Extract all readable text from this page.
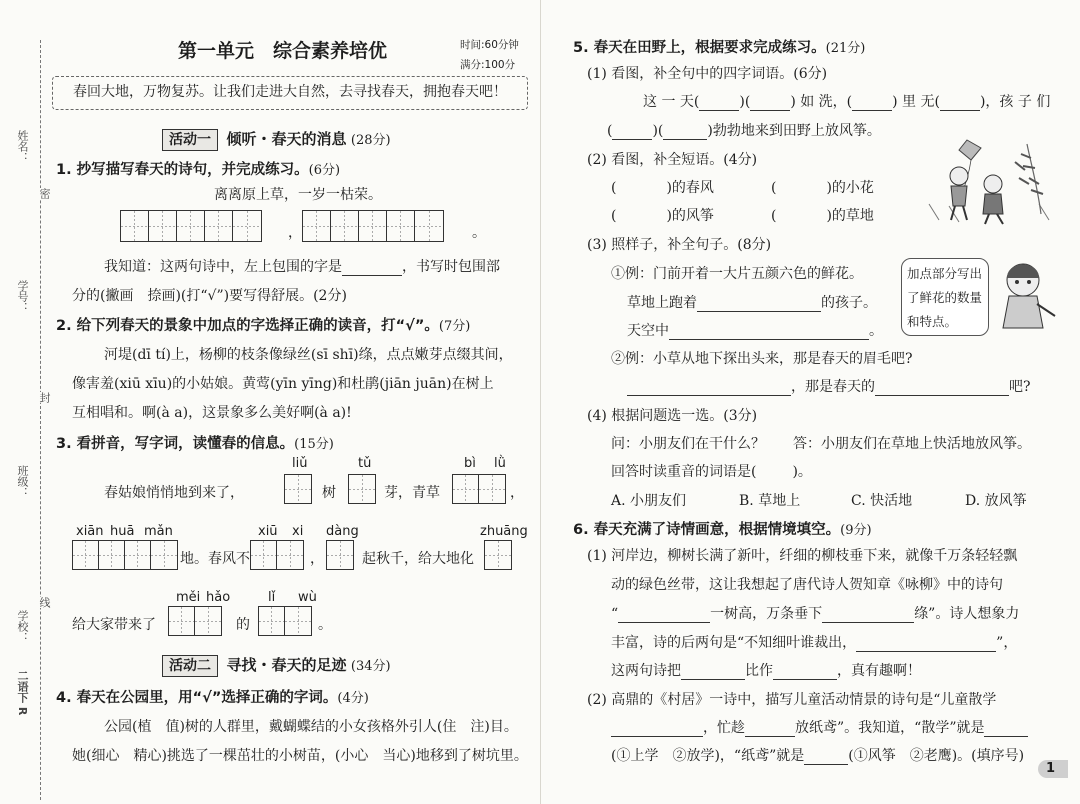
姓名：
密
学号：
封
班级：
线
学校：
二语下 R
第一单元　综合素养培优	时间:60分钟
满分:100分
春回大地，万物复苏。让我们走进大自然，去寻找春天，拥抱春天吧！
活动一 倾听・春天的消息 (28分)
1. 抄写描写春天的诗句，并完成练习。(6分)
离离原上草，一岁一枯荣。
，	。
我知道：这两句诗中，左上包围的字是	，书写时包围部
分的(撇画　捺画)(打“√”)要写得舒展。(2分)
2. 给下列春天的景象中加点的字选择正确的读音，打“√”。(7分)
河堤(dī tí)上，杨柳的枝条像绿丝(sī shī)绦，点点嫩芽点缀其间，
像害羞(xiū xīu)的小姑娘。黄莺(yīn yīng)和杜鹃(jiān juān)在树上
互相唱和。啊(à a)，这景象多么美好啊(à a)!
3. 看拼音，写字词，读懂春的信息。(15分)
liǔ	tǔ	bì lǜ
春姑娘悄悄地到来了，	树	芽，青草	，
xiān huā mǎn	xiū xi dàng	zhuāng
地。春风不	，	起秋千，给大地化
měi hǎo	lǐ wù
给大家带来了	的	。
活动二 寻找・春天的足迹 (34分)
4. 春天在公园里，用“√”选择正确的字词。(4分)
公园(植　值)树的人群里，戴蝴蝶结的小女孩格外引人(住　注)目。
她(细心　精心)挑选了一棵茁壮的小树苗，(小心　当心)地移到了树坑里。
5. 春天在田野上，根据要求完成练习。(21分)
(1) 看图，补全句中的四字词语。(6分)
这 一 天(	)(	) 如 洗，(	) 里 无(	)，孩 子 们
(	)(	)勃勃地来到田野上放风筝。
(2) 看图，补全短语。(4分)
(	)的春风	(	)的小花
(	)的风筝	(	)的草地
(3) 照样子，补全句子。(8分)
①例：门前开着一大片五颜六色的鲜花。
草地上跑着	的孩子。
天空中	。
加点部分写出了鲜花的数量和特点。
②例：小草从地下探出头来，那是春天的眉毛吧?
，那是春天的	吧?
(4) 根据问题选一选。(3分)
问：小朋友们在干什么？ 答：小朋友们在草地上快活地放风筝。
回答时读重音的词语是(	)。
A. 小朋友们	B. 草地上	C. 快活地	D. 放风筝
6. 春天充满了诗情画意，根据情境填空。(9分)
(1) 河岸边，柳树长满了新叶，纤细的柳枝垂下来，就像千万条轻轻飘
动的绿色丝带，这让我想起了唐代诗人贺知章《咏柳》中的诗句
“	一树高，万条垂下	绦”。诗人想象力
丰富，诗的后两句是“不知细叶谁裁出，	”，
这两句诗把	比作	，真有趣啊！
(2) 高鼎的《村居》一诗中，描写儿童活动情景的诗句是“儿童散学
，忙趁	放纸鸢”。我知道，“散学”就是
(①上学　②放学)，“纸鸢”就是	(①风筝　②老鹰)。(填序号)
1
